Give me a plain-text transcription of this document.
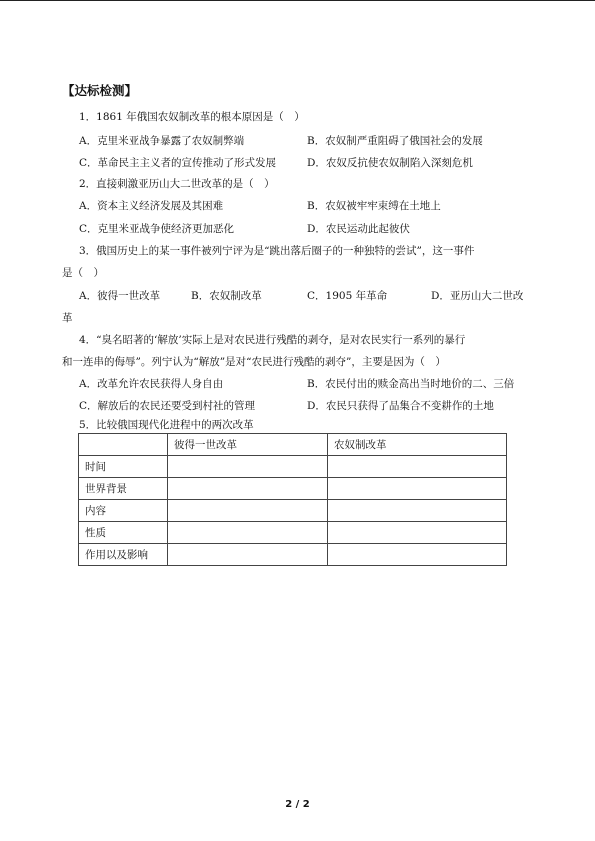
【达标检测】
1．1861 年俄国农奴制改革的根本原因是（　）
A．克里米亚战争暴露了农奴制弊端	B．农奴制严重阻碍了俄国社会的发展
C．革命民主主义者的宣传推动了形式发展	D．农奴反抗使农奴制陷入深刻危机
2．直接刺激亚历山大二世改革的是（　）
A．资本主义经济发展及其困难	B．农奴被牢牢束缚在土地上
C．克里米亚战争使经济更加恶化	D．农民运动此起彼伏
3．俄国历史上的某一事件被列宁评为是“跳出落后圈子的一种独特的尝试”，这一事件
是（　）
A．彼得一世改革	B．农奴制改革	C．1905 年革命	D．亚历山大二世改
革
4．“臭名昭著的‘解放’实际上是对农民进行残酷的剥夺，是对农民实行一系列的暴行
和一连串的侮辱”。列宁认为“解放”是对“农民进行残酷的剥夺”，主要是因为（　）
A．改革允许农民获得人身自由	B．农民付出的赎金高出当时地价的二、三倍
C．解放后的农民还要受到村社的管理	D．农民只获得了品集合不变耕作的土地
5．比较俄国现代化进程中的两次改革
	彼得一世改革	农奴制改革
时间		
世界背景		
内容		
性质		
作用以及影响		
2 / 2
